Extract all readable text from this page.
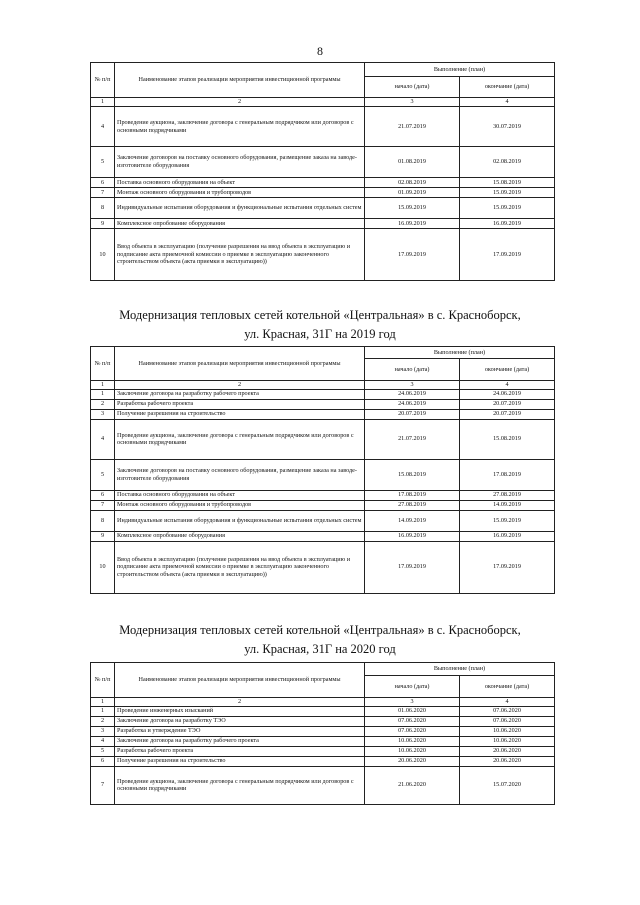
8
№ п/п	Наименование этапов реализации мероприятия инвестиционной программы	Выполнение (план)	
		начало (дата)	окончание (дата)
1	2	3	4
4	Проведение аукциона, заключение договора с генеральным подрядчиком или договоров с основными подрядчиками	21.07.2019	30.07.2019
5	Заключение договоров на поставку основного оборудования, размещение заказа на заводе-изготовителе оборудования	01.08.2019	02.08.2019
6	Поставка основного оборудования на объект	02.08.2019	15.08.2019
7	Монтаж основного оборудования и трубопроводов	01.09.2019	15.09.2019
8	Индивидуальные испытания оборудования и функциональные испытания отдельных систем	15.09.2019	15.09.2019
9	Комплексное опробование оборудования	16.09.2019	16.09.2019
10	Ввод объекта в эксплуатацию (получение разрешения на ввод объекта в эксплуатацию и подписание акта приемочной комиссии о приемке в эксплуатацию законченного строительством объекта (акта приемки в эксплуатацию))	17.09.2019	17.09.2019
Модернизация тепловых сетей котельной «Центральная» в с. Красноборск,
ул. Красная, 31Г на 2019 год
№ п/п	Наименование этапов реализации мероприятия инвестиционной программы	Выполнение (план)	
		начало (дата)	окончание (дата)
1	2	3	4
1	Заключение договора на разработку рабочего проекта	24.06.2019	24.06.2019
2	Разработка рабочего проекта	24.06.2019	20.07.2019
3	Получение разрешения на строительство	20.07.2019	20.07.2019
4	Проведение аукциона, заключение договора с генеральным подрядчиком или договоров с основными подрядчиками	21.07.2019	15.08.2019
5	Заключение договоров на поставку основного оборудования, размещение заказа на заводе-изготовителе оборудования	15.08.2019	17.08.2019
6	Поставка основного оборудования на объект	17.08.2019	27.08.2019
7	Монтаж основного оборудования и трубопроводов	27.08.2019	14.09.2019
8	Индивидуальные испытания оборудования и функциональные испытания отдельных систем	14.09.2019	15.09.2019
9	Комплексное опробование оборудования	16.09.2019	16.09.2019
10	Ввод объекта в эксплуатацию (получение разрешения на ввод объекта в эксплуатацию и подписание акта приемочной комиссии о приемке в эксплуатацию законченного строительством объекта (акта приемки в эксплуатацию))	17.09.2019	17.09.2019
Модернизация тепловых сетей котельной «Центральная» в с. Красноборск,
ул. Красная, 31Г на 2020 год
№ п/п	Наименование этапов реализации мероприятия инвестиционной программы	Выполнение (план)	
		начало (дата)	окончание (дата)
1	2	3	4
1	Проведение инженерных изысканий	01.06.2020	07.06.2020
2	Заключение договора на разработку ТЭО	07.06.2020	07.06.2020
3	Разработка и утверждение ТЭО	07.06.2020	10.06.2020
4	Заключение договора на разработку рабочего проекта	10.06.2020	10.06.2020
5	Разработка рабочего проекта	10.06.2020	20.06.2020
6	Получение разрешения на строительство	20.06.2020	20.06.2020
7	Проведение аукциона, заключение договора с генеральным подрядчиком или договоров с основными подрядчиками	21.06.2020	15.07.2020
